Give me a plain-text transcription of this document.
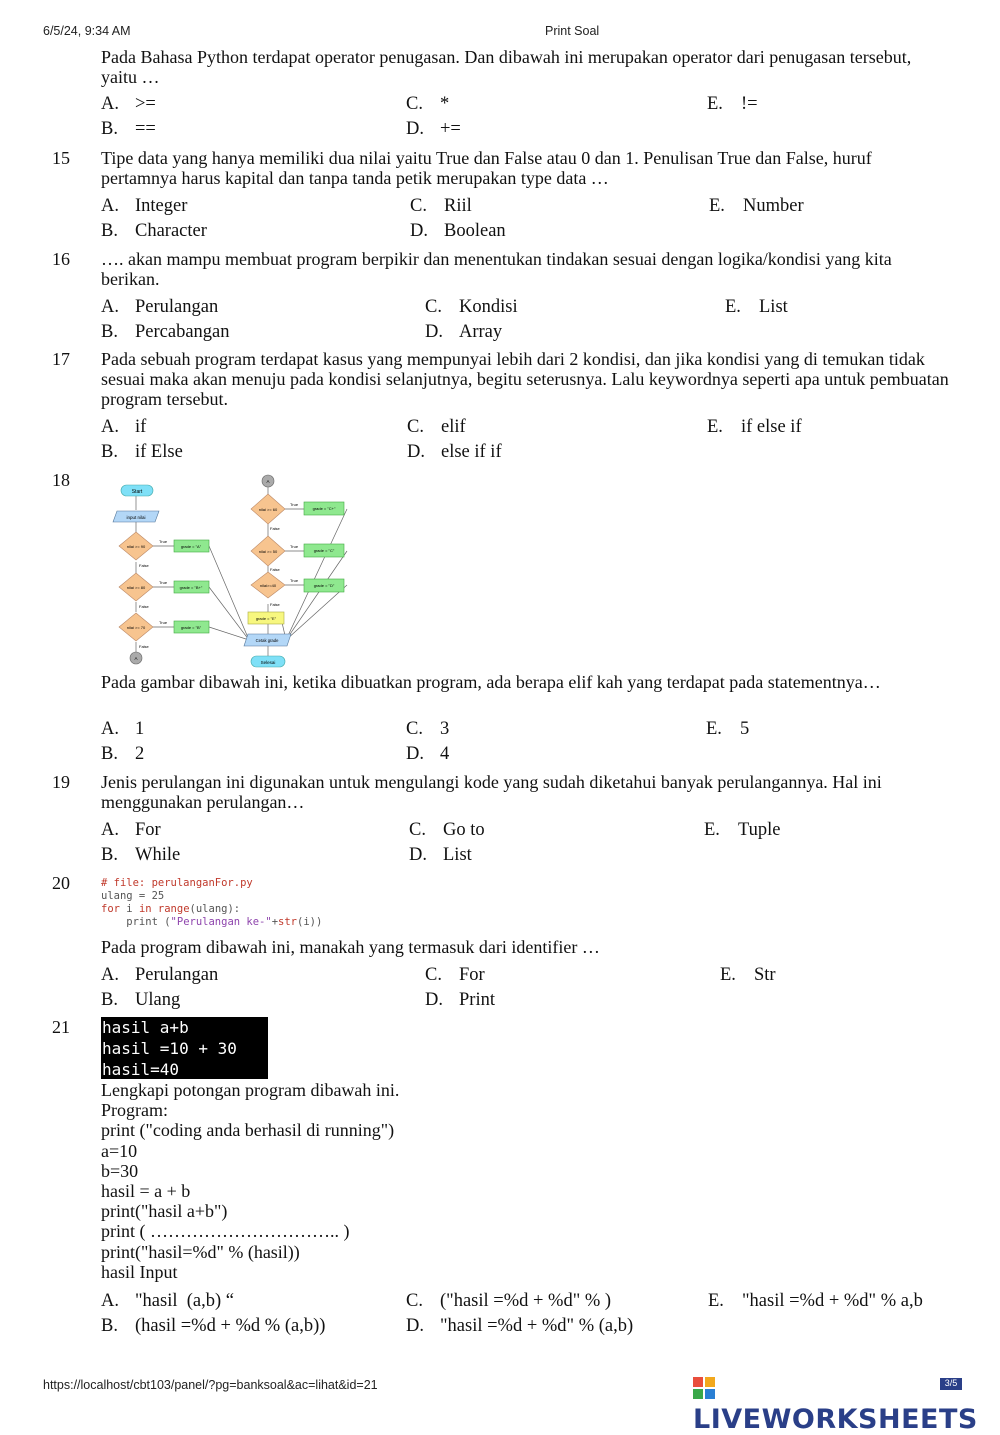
6/5/24, 9:34 AM	Print Soal
Pada Bahasa Python terdapat operator penugasan. Dan dibawah ini merupakan operator dari penugasan tersebut, yaitu …
A. >=
B. ==
C. *
D. +=
E. !=
15 Tipe data yang hanya memiliki dua nilai yaitu True dan False atau 0 dan 1. Penulisan True dan False, huruf pertamnya harus kapital dan tanpa tanda petik merupakan type data …
A. Integer
B. Character
C. Riil
D. Boolean
E. Number
16 …. akan mampu membuat program berpikir dan menentukan tindakan sesuai dengan logika/kondisi yang kita berikan.
A. Perulangan
B. Percabangan
C. Kondisi
D. Array
E. List
17 Pada sebuah program terdapat kasus yang mempunyai lebih dari 2 kondisi, dan jika kondisi yang di temukan tidak sesuai maka akan menuju pada kondisi selanjutnya, begitu seterusnya. Lalu keywordnya seperti apa untuk pembuatan program tersebut.
A. if
B. if Else
C. elif
D. else if if
E. if else if
18
Start
input nilai
nilai >= 90
nilai >= 80
nilai >= 70
True
True
True
False
False
False
grade = "A"
grade = "B+"
grade = "B"
A
A
nilai >= 60
nilai >= 50
nilai>=40
True
True
True
False
False
False
grade = "C+"
grade = "C"
grade = "D"
grade = "E"
Cetak grade
Selesai
Pada gambar dibawah ini, ketika dibuatkan program, ada berapa elif kah yang terdapat pada statementnya…
A. 1
B. 2
C. 3
D. 4
E. 5
19 Jenis perulangan ini digunakan untuk mengulangi kode yang sudah diketahui banyak perulangannya. Hal ini menggunakan perulangan…
A. For
B. While
C. Go to
D. List
E. Tuple
20	# file: perulanganFor.py
ulang = 25
for i in range(ulang):
print ("Perulangan ke-"+str(i))
Pada program dibawah ini, manakah yang termasuk dari identifier …
A. Perulangan
B. Ulang
C. For
D. Print
E. Str
21 hasil a+b
hasil =10 + 30
hasil=40
Lengkapi potongan program dibawah ini.
Program:
print ("coding anda berhasil di running")
a=10
b=30
hasil = a + b
print("hasil a+b")
print ( ………………………….. )
print("hasil=%d" % (hasil))
hasil Input
A. "hasil  (a,b) “
B. (hasil =%d + %d % (a,b))
C. ("hasil =%d + %d" % )
D. "hasil =%d + %d" % (a,b)
E. "hasil =%d + %d" % a,b
https://localhost/cbt103/panel/?pg=banksoal&ac=lihat&id=21
LIVEWORKSHEETS
3/5
